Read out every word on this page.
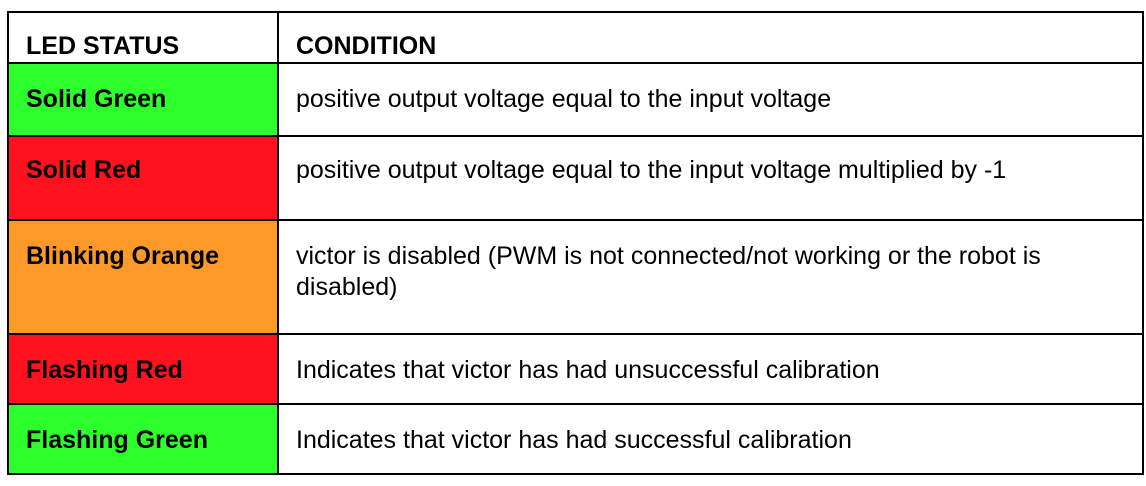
LED STATUS	CONDITION
Solid Green	positive output voltage equal to the input voltage
Solid Red	positive output voltage equal to the input voltage multiplied by -1
Blinking Orange	victor is disabled (PWM is not connected/not working or the robot is disabled)
Flashing Red	Indicates that victor has had unsuccessful calibration
Flashing Green	Indicates that victor has had successful calibration
